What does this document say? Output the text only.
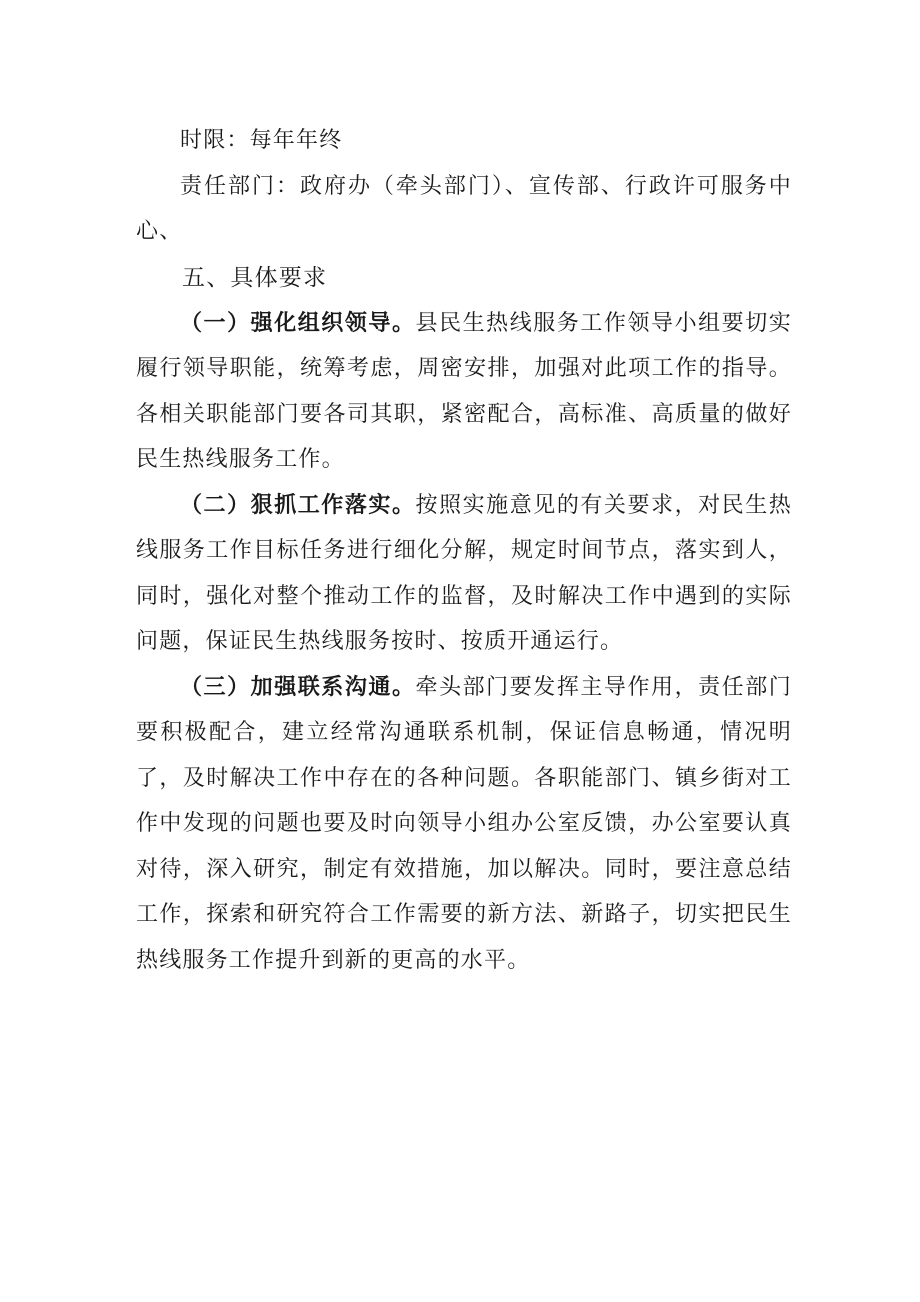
时限：每年年终

责任部门：政府办（牵头部门）、宣传部、行政许可服务中心、

五、具体要求

（一）强化组织领导。县民生热线服务工作领导小组要切实履行领导职能，统筹考虑，周密安排，加强对此项工作的指导。各相关职能部门要各司其职，紧密配合，高标准、高质量的做好民生热线服务工作。

（二）狠抓工作落实。按照实施意见的有关要求，对民生热线服务工作目标任务进行细化分解，规定时间节点，落实到人，同时，强化对整个推动工作的监督，及时解决工作中遇到的实际问题，保证民生热线服务按时、按质开通运行。

（三）加强联系沟通。牵头部门要发挥主导作用，责任部门要积极配合，建立经常沟通联系机制，保证信息畅通，情况明了，及时解决工作中存在的各种问题。各职能部门、镇乡街对工作中发现的问题也要及时向领导小组办公室反馈，办公室要认真对待，深入研究，制定有效措施，加以解决。同时，要注意总结工作，探索和研究符合工作需要的新方法、新路子，切实把民生热线服务工作提升到新的更高的水平。
